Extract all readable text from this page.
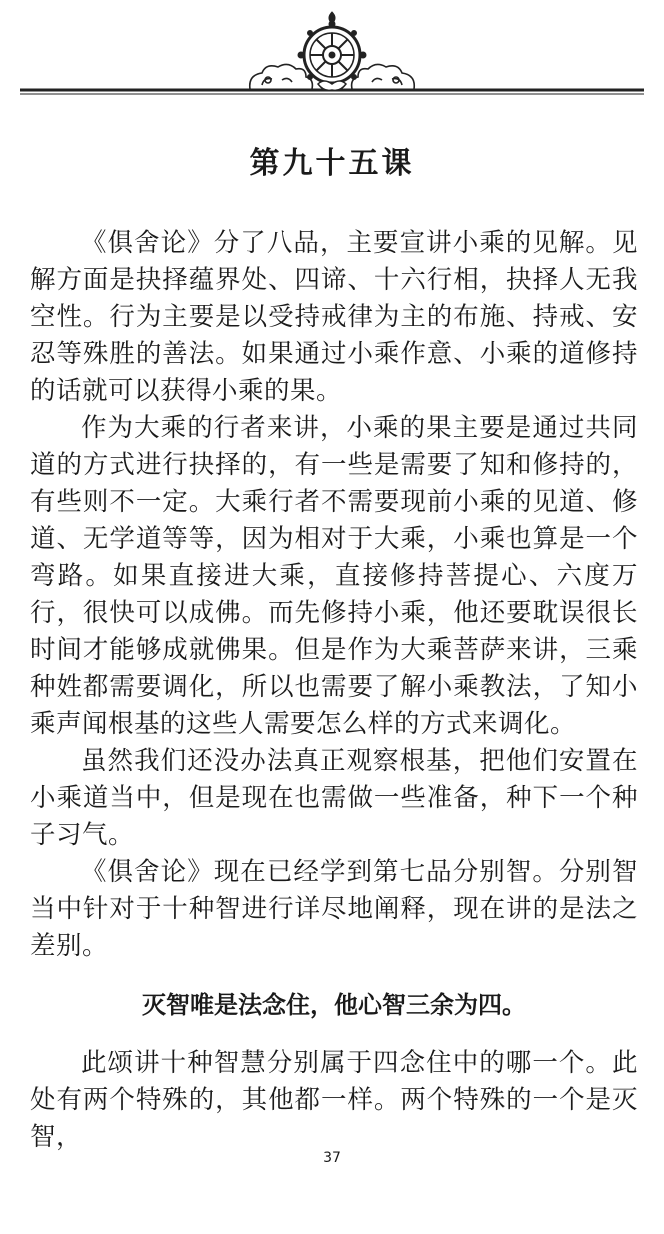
第九十五课

《俱舍论》分了八品，主要宣讲小乘的见解。见解方面是抉择蕴界处、四谛、十六行相，抉择人无我空性。行为主要是以受持戒律为主的布施、持戒、安忍等殊胜的善法。如果通过小乘作意、小乘的道修持的话就可以获得小乘的果。

作为大乘的行者来讲，小乘的果主要是通过共同道的方式进行抉择的，有一些是需要了知和修持的，有些则不一定。大乘行者不需要现前小乘的见道、修道、无学道等等，因为相对于大乘，小乘也算是一个弯路。如果直接进大乘，直接修持菩提心、六度万行，很快可以成佛。而先修持小乘，他还要耽误很长时间才能够成就佛果。但是作为大乘菩萨来讲，三乘种姓都需要调化，所以也需要了解小乘教法，了知小乘声闻根基的这些人需要怎么样的方式来调化。

虽然我们还没办法真正观察根基，把他们安置在小乘道当中，但是现在也需做一些准备，种下一个种子习气。

《俱舍论》现在已经学到第七品分别智。分别智当中针对于十种智进行详尽地阐释，现在讲的是法之差别。

灭智唯是法念住，他心智三余为四。

此颂讲十种智慧分别属于四念住中的哪一个。此处有两个特殊的，其他都一样。两个特殊的一个是灭智，

37
